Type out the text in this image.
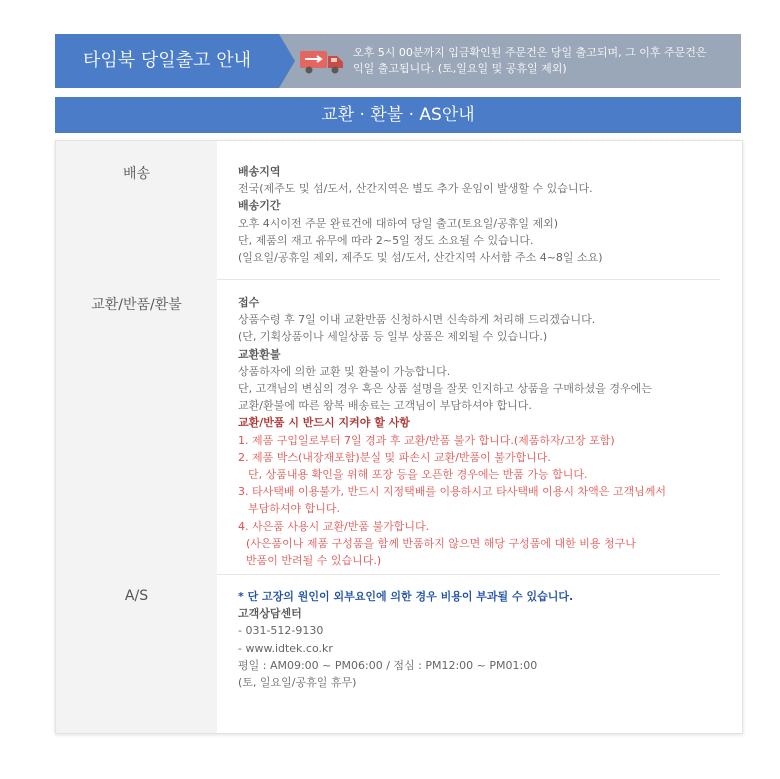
타임북 당일출고 안내	오후 5시 00분까지 입금확인된 주문건은 당일 출고되며, 그 이후 주문건은
익일 출고됩니다. (토,일요일 및 공휴일 제외)
교환 · 환불 · AS안내
배송	배송지역
전국(제주도 및 섬/도서, 산간지역은 별도 추가 운임이 발생할 수 있습니다.
배송기간
오후 4시이전 주문 완료건에 대하여 당일 출고(토요일/공휴일 제외)
단, 제품의 재고 유무에 따라 2~5일 정도 소요될 수 있습니다.
(일요일/공휴일 제외, 제주도 및 섬/도서, 산간지역 사서함 주소 4~8일 소요)
교환/반품/환불	접수
상품수령 후 7일 이내 교환반품 신청하시면 신속하게 처리해 드리겠습니다.
(단, 기획상품이나 세일상품 등 일부 상품은 제외될 수 있습니다.)
교환환불
상품하자에 의한 교환 및 환불이 가능합니다.
단, 고객님의 변심의 경우 혹은 상품 설명을 잘못 인지하고 상품을 구매하셨을 경우에는
교환/환불에 따른 왕복 배송료는 고객님이 부담하셔야 합니다.
교환/반품 시 반드시 지켜야 할 사항
1. 제품 구입일로부터 7일 경과 후 교환/반품 불가 합니다.(제품하자/고장 포함)
2. 제품 박스(내장재포함)분실 및 파손시 교환/반품이 불가합니다.
단, 상품내용 확인을 위해 포장 등을 오픈한 경우에는 반품 가능 합니다.
3. 타사택배 이용불가, 반드시 지정택배를 이용하시고 타사택배 이용시 차액은 고객님께서
부담하셔야 합니다.
4. 사은품 사용시 교환/반품 불가합니다.
(사은품이나 제품 구성품을 함께 반품하지 않으면 해당 구성품에 대한 비용 청구나
반품이 반려될 수 있습니다.)
A/S	* 단 고장의 원인이 외부요인에 의한 경우 비용이 부과될 수 있습니다.
고객상담센터
- 031-512-9130
- www.idtek.co.kr
평일 : AM09:00 ~ PM06:00 / 점심 : PM12:00 ~ PM01:00
(토, 일요일/공휴일 휴무)
